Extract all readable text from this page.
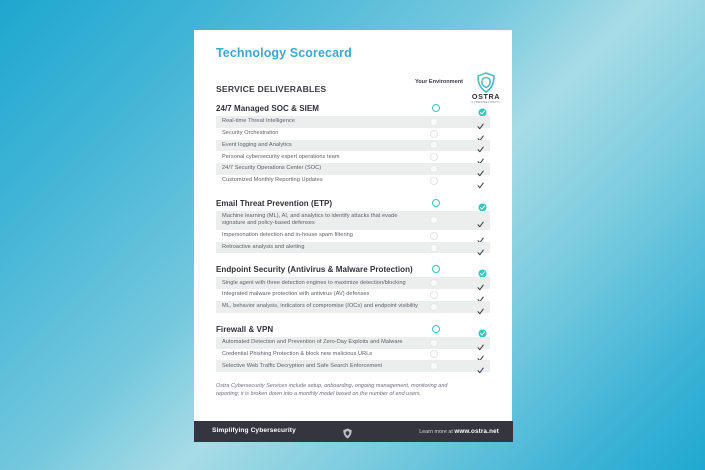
Technology Scorecard
SERVICE DELIVERABLES
Your Environment
OSTRA
CYBERSECURITY
24/7 Managed SOC & SIEM
Real-time Threat Intelligence
Security Orchestration
Event logging and Analytics
Personal cybersecurity expert operations team
24/7 Security Operations Center (SOC)
Customized Monthly Reporting Updates
Email Threat Prevention (ETP)
Machine learning (ML), AI, and analytics to identify attacks that evade signature and policy-based defenses
Impersonation detection and in-house spam filtering
Retroactive analysis and alerting
Endpoint Security (Antivirus & Malware Protection)
Single agent with three detection engines to maximize detection/blocking
Integrated malware protection with antivirus (AV) defenses
ML, behavior analysis, indicators of compromise (IOCs) and endpoint visibility
Firewall & VPN
Automated Detection and Prevention of Zero-Day Exploits and Malware
Credential Phishing Protection & block new malicious URLs
Selective Web Traffic Decryption and Safe Search Enforcement
Ostra Cybersecurity Services include setup, onboarding, ongoing management, monitoring and reporting; it is broken down into a monthly model based on the number of end users.
Simplifying Cybersecurity	Learn more at www.ostra.net
